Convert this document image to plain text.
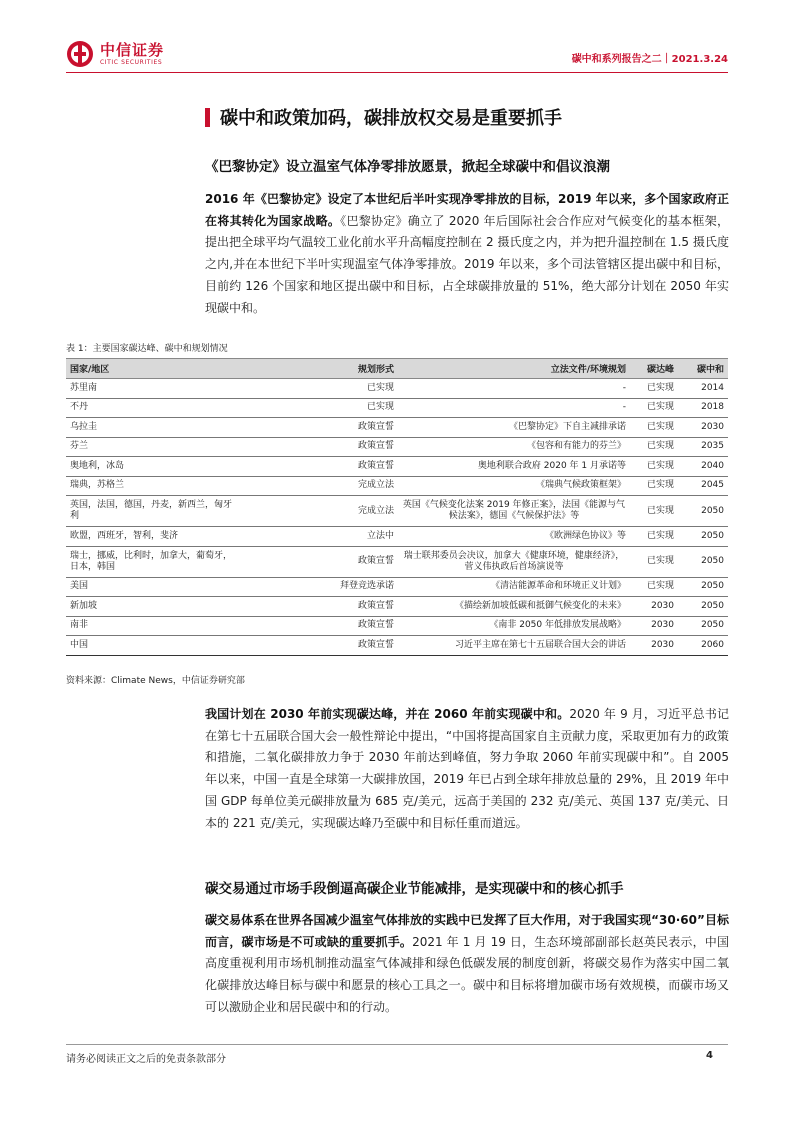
中信证券
CITIC SECURITIES	碳中和系列报告之二｜2021.3.24
碳中和政策加码，碳排放权交易是重要抓手
《巴黎协定》设立温室气体净零排放愿景，掀起全球碳中和倡议浪潮
2016 年《巴黎协定》设定了本世纪后半叶实现净零排放的目标，2019 年以来，多个国家政府正在将其转化为国家战略。《巴黎协定》确立了 2020 年后国际社会合作应对气候变化的基本框架，提出把全球平均气温较工业化前水平升高幅度控制在 2 摄氏度之内，并为把升温控制在 1.5 摄氏度之内,并在本世纪下半叶实现温室气体净零排放。2019 年以来，多个司法管辖区提出碳中和目标，目前约 126 个国家和地区提出碳中和目标，占全球碳排放量的 51%，绝大部分计划在 2050 年实现碳中和。
表 1：主要国家碳达峰、碳中和规划情况
国家/地区	规划形式	立法文件/环境规划	碳达峰	碳中和
苏里南	已实现	-	已实现	2014
不丹	已实现	-	已实现	2018
乌拉圭	政策宣誓	《巴黎协定》下自主减排承诺	已实现	2030
芬兰	政策宣誓	《包容和有能力的芬兰》	已实现	2035
奥地利，冰岛	政策宣誓	奥地利联合政府 2020 年 1 月承诺等	已实现	2040
瑞典，苏格兰	完成立法	《瑞典气候政策框架》	已实现	2045
英国，法国，德国，丹麦，新西兰，匈牙利	完成立法	英国《气候变化法案 2019 年修正案》，法国《能源与气候法案》，德国《气候保护法》等	已实现	2050
欧盟，西班牙，智利，斐济	立法中	《欧洲绿色协议》等	已实现	2050
瑞士，挪威，比利时，加拿大，葡萄牙，日本，韩国	政策宣誓	瑞士联邦委员会决议，加拿大《健康环境，健康经济》，菅义伟执政后首场演说等	已实现	2050
美国	拜登竞选承诺	《清洁能源革命和环境正义计划》	已实现	2050
新加坡	政策宣誓	《描绘新加坡低碳和抵御气候变化的未来》	2030	2050
南非	政策宣誓	《南非 2050 年低排放发展战略》	2030	2050
中国	政策宣誓	习近平主席在第七十五届联合国大会的讲话	2030	2060
资料来源：Climate News，中信证券研究部
我国计划在 2030 年前实现碳达峰，并在 2060 年前实现碳中和。2020 年 9 月，习近平总书记在第七十五届联合国大会一般性辩论中提出，“中国将提高国家自主贡献力度，采取更加有力的政策和措施，二氧化碳排放力争于 2030 年前达到峰值，努力争取 2060 年前实现碳中和”。自 2005 年以来，中国一直是全球第一大碳排放国，2019 年已占到全球年排放总量的 29%，且 2019 年中国 GDP 每单位美元碳排放量为 685 克/美元，远高于美国的 232 克/美元、英国 137 克/美元、日本的 221 克/美元，实现碳达峰乃至碳中和目标任重而道远。
碳交易通过市场手段倒逼高碳企业节能减排，是实现碳中和的核心抓手
碳交易体系在世界各国减少温室气体排放的实践中已发挥了巨大作用，对于我国实现“30·60”目标而言，碳市场是不可或缺的重要抓手。2021 年 1 月 19 日，生态环境部副部长赵英民表示，中国高度重视利用市场机制推动温室气体减排和绿色低碳发展的制度创新，将碳交易作为落实中国二氧化碳排放达峰目标与碳中和愿景的核心工具之一。碳中和目标将增加碳市场有效规模，而碳市场又可以激励企业和居民碳中和的行动。
请务必阅读正文之后的免责条款部分	4
